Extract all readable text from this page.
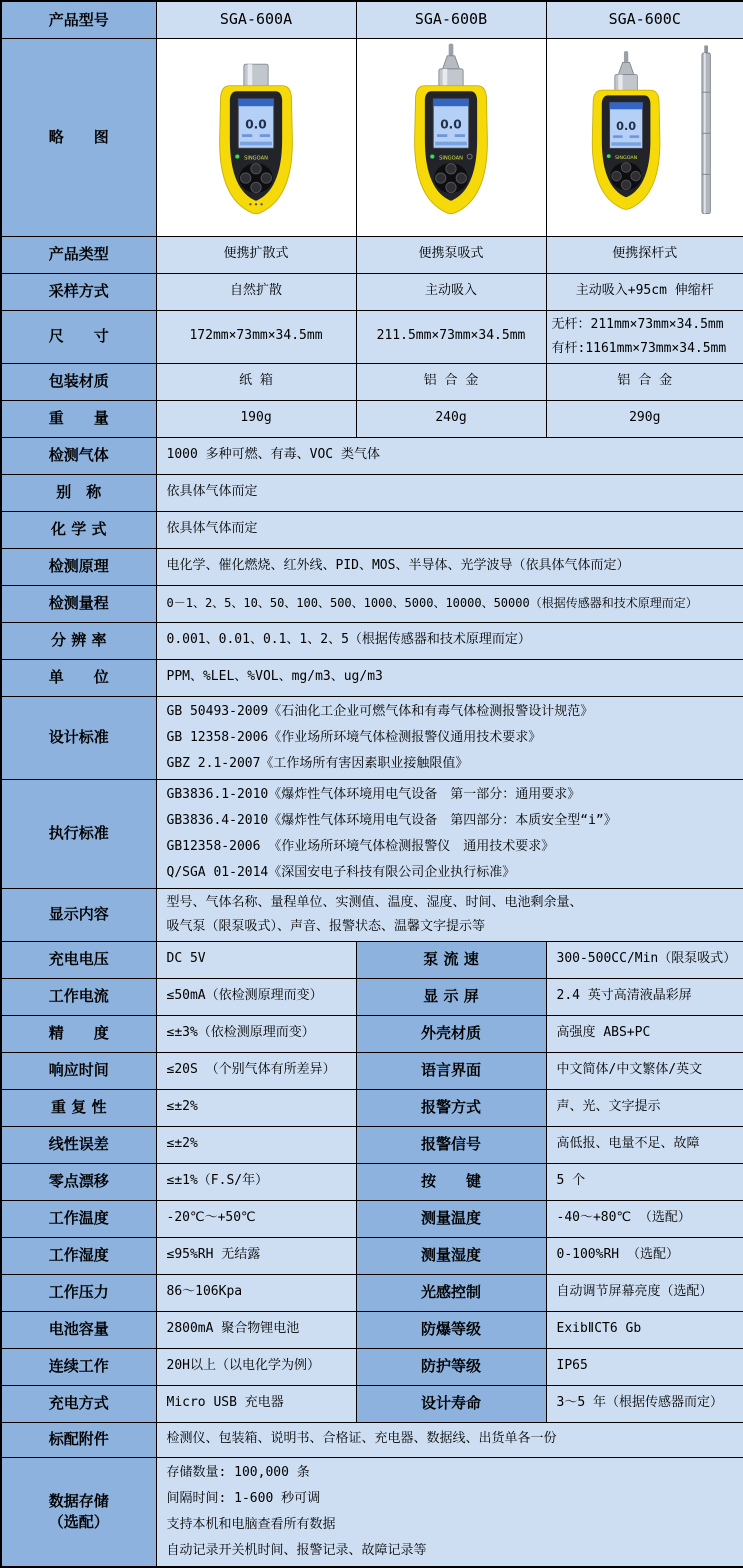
产品型号	SGA-600A	SGA-600B	SGA-600C
略　　图	0.0
SINGOAN	0.0
SINGOAN	0.0
SINGOAN

产品类型	便携扩散式	便携泵吸式	便携探杆式
采样方式	自然扩散	主动吸入	主动吸入+95cm 伸缩杆
尺　　寸	172mm×73mm×34.5mm	211.5mm×73mm×34.5mm	无杆：211mm×73mm×34.5mm
有杆:1161mm×73mm×34.5mm

包装材质	纸 箱	铝 合 金	铝 合 金
重　　量	190g	240g	290g
检测气体	1000 多种可燃、有毒、VOC 类气体		
别　称	依具体气体而定		
化 学 式	依具体气体而定		
检测原理	电化学、催化燃烧、红外线、PID、MOS、半导体、光学波导（依具体气体而定）		
检测量程	0－1、2、5、10、50、100、500、1000、5000、10000、50000（根据传感器和技术原理而定）		
分 辨 率	0.001、0.01、0.1、1、2、5（根据传感器和技术原理而定）		
单　　位	PPM、%LEL、%VOL、mg/m3、ug/m3		
设计标准	GB 50493-2009《石油化工企业可燃气体和有毒气体检测报警设计规范》
GB 12358-2006《作业场所环境气体检测报警仪通用技术要求》
GBZ 2.1-2007《工作场所有害因素职业接触限值》		

执行标准	GB3836.1-2010《爆炸性气体环境用电气设备　第一部分：通用要求》
GB3836.4-2010《爆炸性气体环境用电气设备　第四部分：本质安全型“i”》
GB12358-2006 《作业场所环境气体检测报警仪　通用技术要求》
Q/SGA 01-2014《深国安电子科技有限公司企业执行标准》		

显示内容	型号、气体名称、量程单位、实测值、温度、湿度、时间、电池剩余量、
吸气泵（限泵吸式）、声音、报警状态、温馨文字提示等		

充电电压	DC 5V	泵 流 速	300-500CC/Min（限泵吸式）
工作电流	≤50mA（依检测原理而变）	显 示 屏	2.4 英寸高清液晶彩屏
精　　度	≤±3%（依检测原理而变）	外壳材质	高强度 ABS+PC
响应时间	≤20S （个别气体有所差异）	语言界面	中文简体/中文繁体/英文
重 复 性	≤±2%	报警方式	声、光、文字提示
线性误差	≤±2%	报警信号	高低报、电量不足、故障
零点漂移	≤±1%（F.S/年）	按　　键	5 个
工作温度	-20℃～+50℃	测量温度	-40～+80℃ （选配）
工作湿度	≤95%RH 无结露	测量湿度	0-100%RH （选配）
工作压力	86～106Kpa	光感控制	自动调节屏幕亮度（选配）
电池容量	2800mA 聚合物锂电池	防爆等级	ExibⅡCT6 Gb
连续工作	20H以上（以电化学为例）	防护等级	IP65
充电方式	Micro USB 充电器	设计寿命	3～5 年（根据传感器而定）
标配附件	检测仪、包装箱、说明书、合格证、充电器、数据线、出货单各一份		

数据存储
（选配）

存储数量: 100,000 条
间隔时间: 1-600 秒可调
支持本机和电脑查看所有数据
自动记录开关机时间、报警记录、故障记录等
